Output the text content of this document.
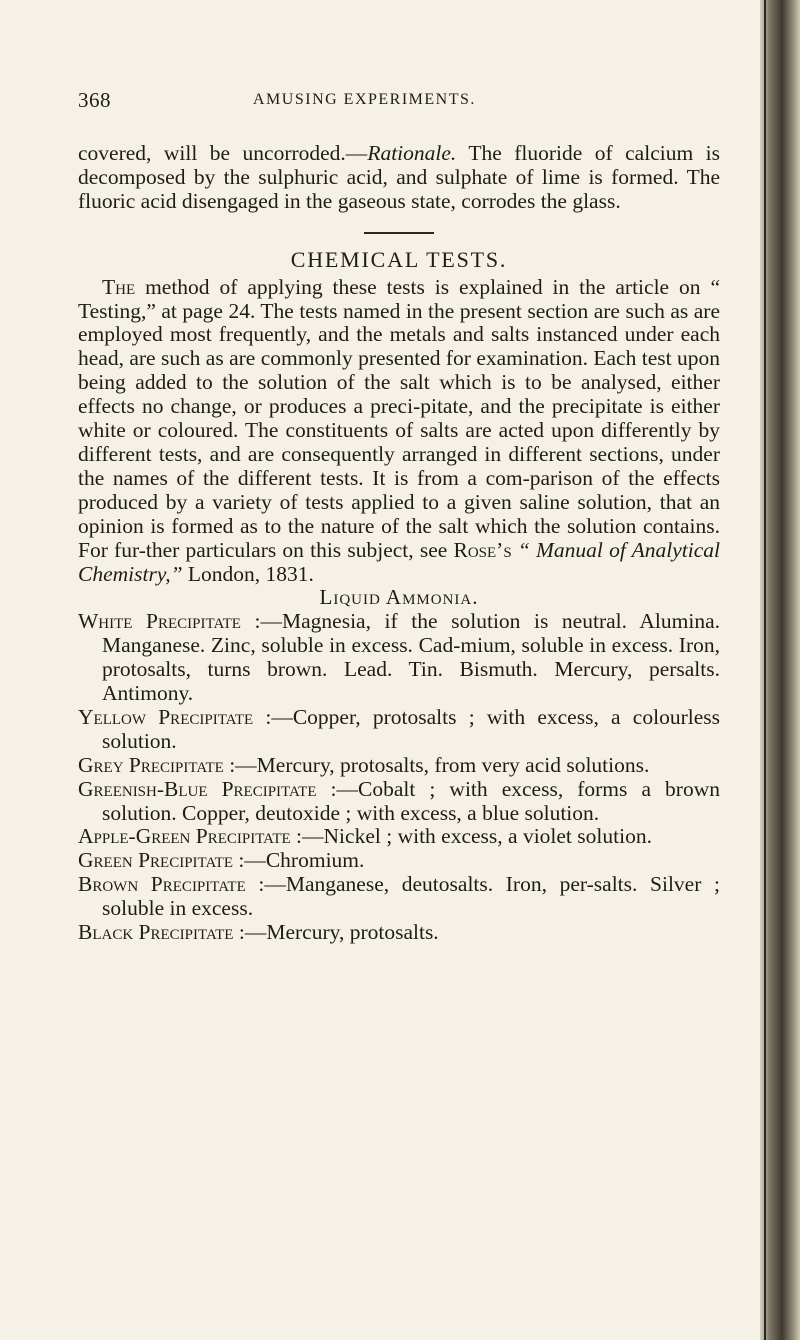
368	AMUSING EXPERIMENTS.

covered, will be uncorroded.—Rationale. The fluoride of calcium is decomposed by the sulphuric acid, and sulphate of lime is formed. The fluoric acid disengaged in the gaseous state, corrodes the glass.

CHEMICAL TESTS.

The method of applying these tests is explained in the article on “ Testing,” at page 24. The tests named in the present section are such as are employed most frequently, and the metals and salts instanced under each head, are such as are commonly presented for examination. Each test upon being added to the solution of the salt which is to be analysed, either effects no change, or produces a preci-pitate, and the precipitate is either white or coloured. The constituents of salts are acted upon differently by different tests, and are consequently arranged in different sections, under the names of the different tests. It is from a com-parison of the effects produced by a variety of tests applied to a given saline solution, that an opinion is formed as to the nature of the salt which the solution contains. For fur-ther particulars on this subject, see Rose’s “ Manual of Analytical Chemistry,” London, 1831.

Liquid Ammonia.

White Precipitate :—Magnesia, if the solution is neutral. Alumina. Manganese. Zinc, soluble in excess. Cad-mium, soluble in excess. Iron, protosalts, turns brown. Lead. Tin. Bismuth. Mercury, persalts. Antimony.

Yellow Precipitate :—Copper, protosalts ; with excess, a colourless solution.

Grey Precipitate :—Mercury, protosalts, from very acid solutions.

Greenish-Blue Precipitate :—Cobalt ; with excess, forms a brown solution. Copper, deutoxide ; with excess, a blue solution.

Apple-Green Precipitate :—Nickel ; with excess, a violet solution.

Green Precipitate :—Chromium.

Brown Precipitate :—Manganese, deutosalts. Iron, per-salts. Silver ; soluble in excess.

Black Precipitate :—Mercury, protosalts.
